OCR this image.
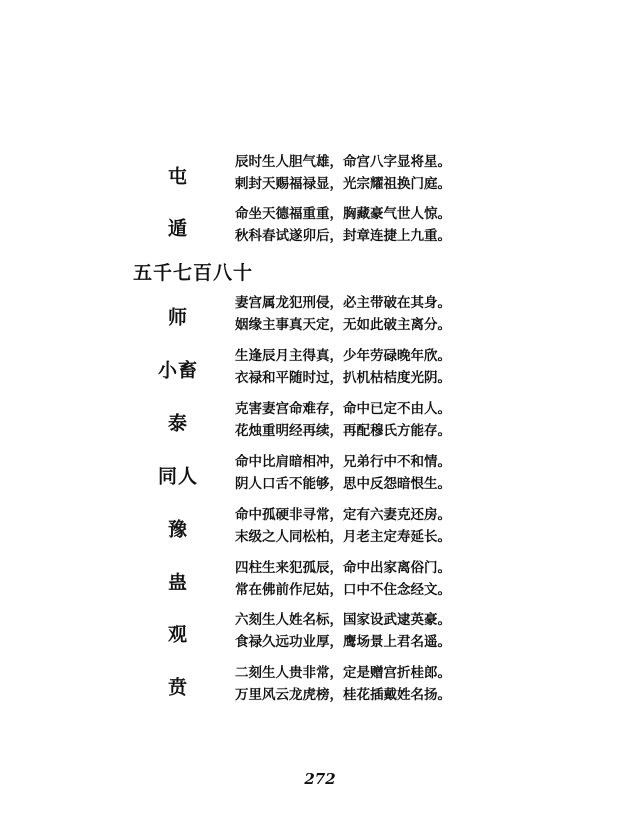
屯
辰时生人胆气雄，命宫八字显将星。
剌封天赐福禄显，光宗耀祖换门庭。
遁
命坐天德福重重，胸藏豪气世人惊。
秋科春试遂卯后，封章连捷上九重。
五千七百八十
师
妻宫属龙犯刑侵，必主带破在其身。
姻缘主事真天定，无如此破主离分。
小畜
生逢辰月主得真，少年劳碌晚年欣。
衣禄和平随时过，扒机枯桔度光阴。
泰
克害妻宫命难存，命中已定不由人。
花烛重明经再续，再配穆氏方能存。
同人
命中比肩暗相冲，兄弟行中不和情。
阴人口舌不能够，思中反怨暗恨生。
豫
命中孤硬非寻常，定有六妻克还房。
末级之人同松柏，月老主定寿延长。
蛊
四柱生来犯孤辰，命中出家离俗门。
常在佛前作尼姑，口中不住念经文。
观
六刻生人姓名标，国家设武逮英豪。
食禄久远功业厚，鹰场景上君名遥。
贲
二刻生人贵非常，定是赠宫折桂郎。
万里风云龙虎榜，桂花插戴姓名扬。
272
